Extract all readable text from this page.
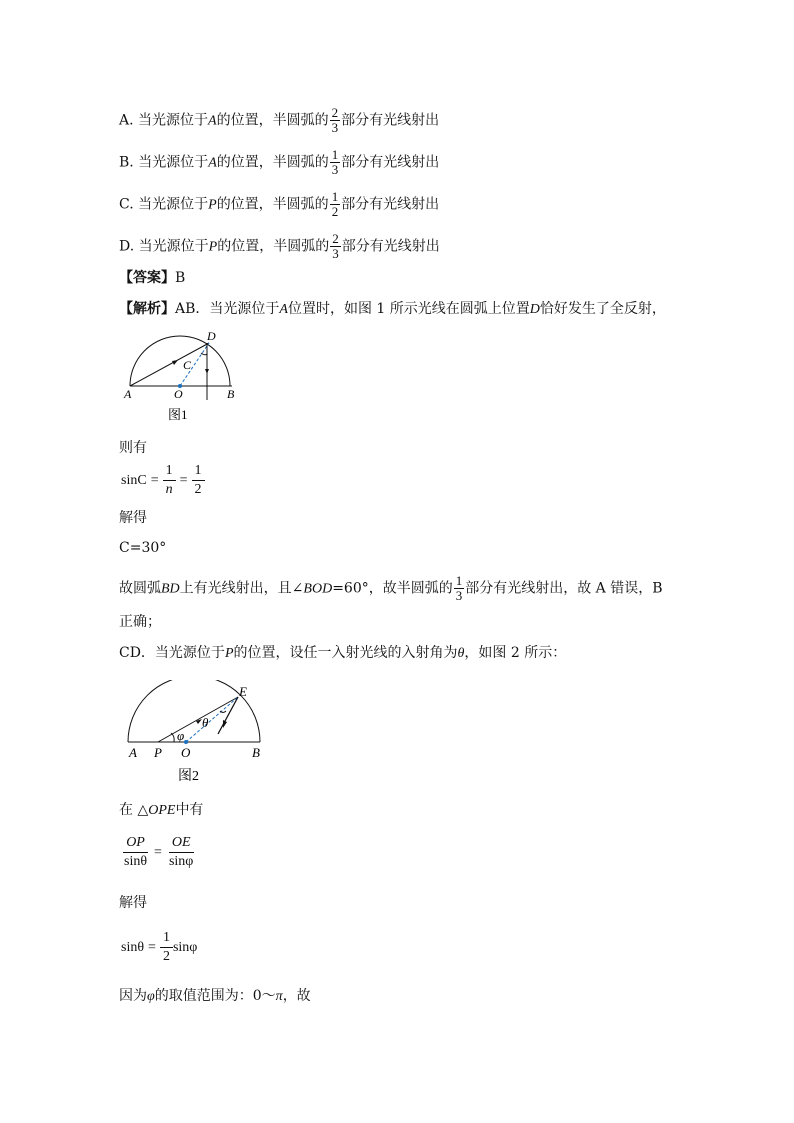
A. 当光源位于A的位置，半圆弧的 $\frac{2}{3}$ 部分有光线射出
B. 当光源位于A的位置，半圆弧的 $\frac{1}{3}$ 部分有光线射出
C. 当光源位于P的位置，半圆弧的 $\frac{1}{2}$ 部分有光线射出
D. 当光源位于P的位置，半圆弧的 $\frac{2}{3}$ 部分有光线射出
【答案】B
【解析】AB．当光源位于A位置时，如图 1 所示光线在圆弧上位置D恰好发生了全反射，
D
C
A	O	B
图1
则有
$\sin C = \frac{1}{n} = \frac{1}{2}$
解得
C=30°
故圆弧BD上有光线射出，且∠BOD=60°，故半圆弧的 $\frac{1}{3}$ 部分有光线射出，故 A 错误，B
正确；
CD．当光源位于P的位置，设任一入射光线的入射角为θ，如图 2 所示：
E
θ
φ
A P O	B
图2
在 △OPE中有
$\frac{OP}{\sin\theta} = \frac{OE}{\sin\varphi}$
解得
$\sin\theta = \frac{1}{2}$ sinφ
因为φ的取值范围为：0～π，故
